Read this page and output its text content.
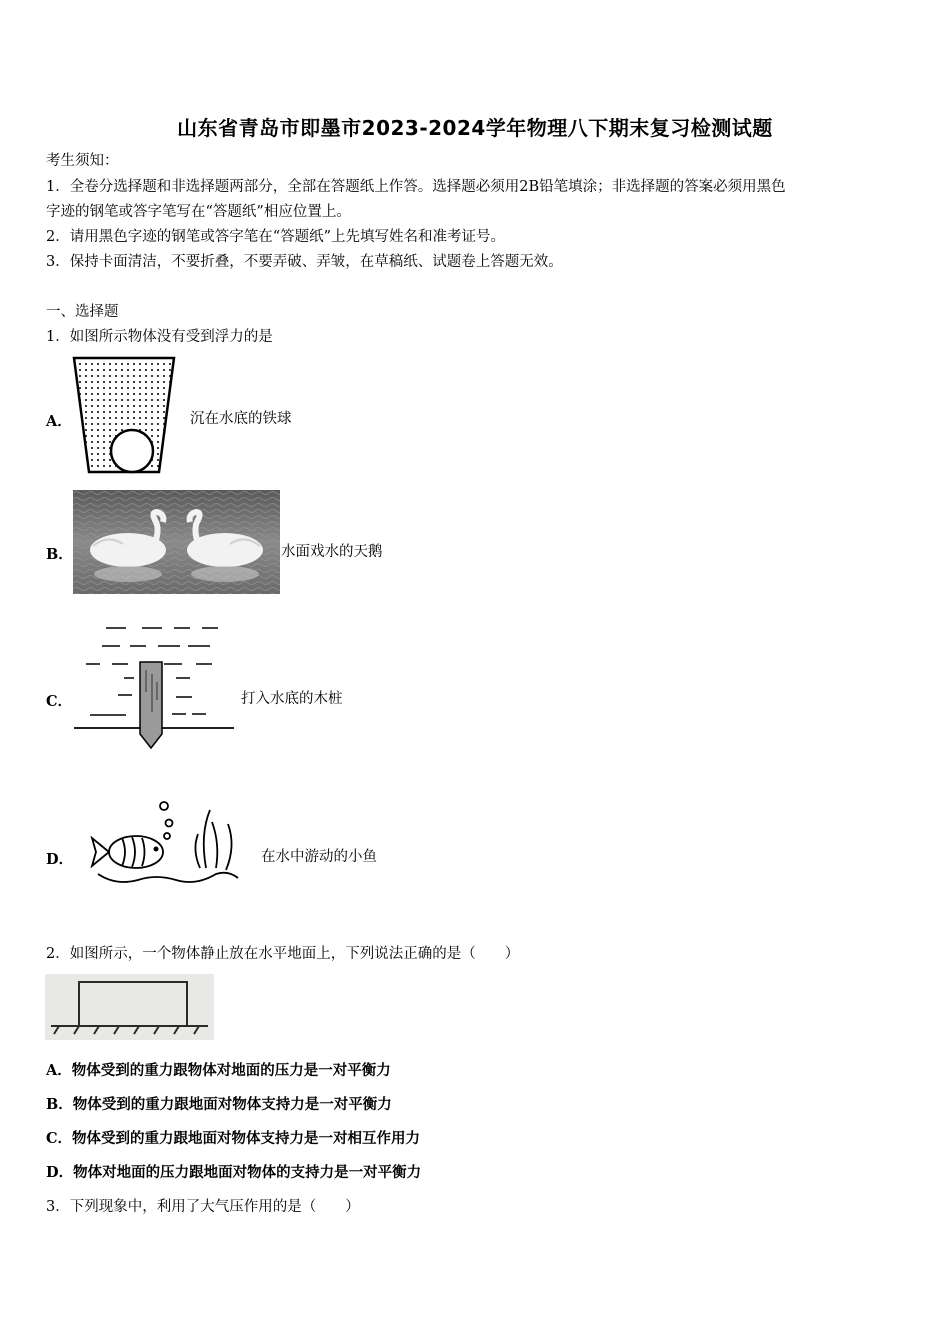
山东省青岛市即墨市2023-2024学年物理八下期末复习检测试题
考生须知：
1．全卷分选择题和非选择题两部分，全部在答题纸上作答。选择题必须用2B铅笔填涂；非选择题的答案必须用黑色
字迹的钢笔或答字笔写在“答题纸”相应位置上。
2．请用黑色字迹的钢笔或答字笔在“答题纸”上先填写姓名和准考证号。
3．保持卡面清洁，不要折叠，不要弄破、弄皱，在草稿纸、试题卷上答题无效。
一、选择题
1．如图所示物体没有受到浮力的是
A．	沉在水底的铁球
B．	水面戏水的天鹅
C．	打入水底的木桩
D．	在水中游动的小鱼
2．如图所示，一个物体静止放在水平地面上，下列说法正确的是（　　）
A．物体受到的重力跟物体对地面的压力是一对平衡力
B．物体受到的重力跟地面对物体支持力是一对平衡力
C．物体受到的重力跟地面对物体支持力是一对相互作用力
D．物体对地面的压力跟地面对物体的支持力是一对平衡力
3．下列现象中，利用了大气压作用的是（　　）
